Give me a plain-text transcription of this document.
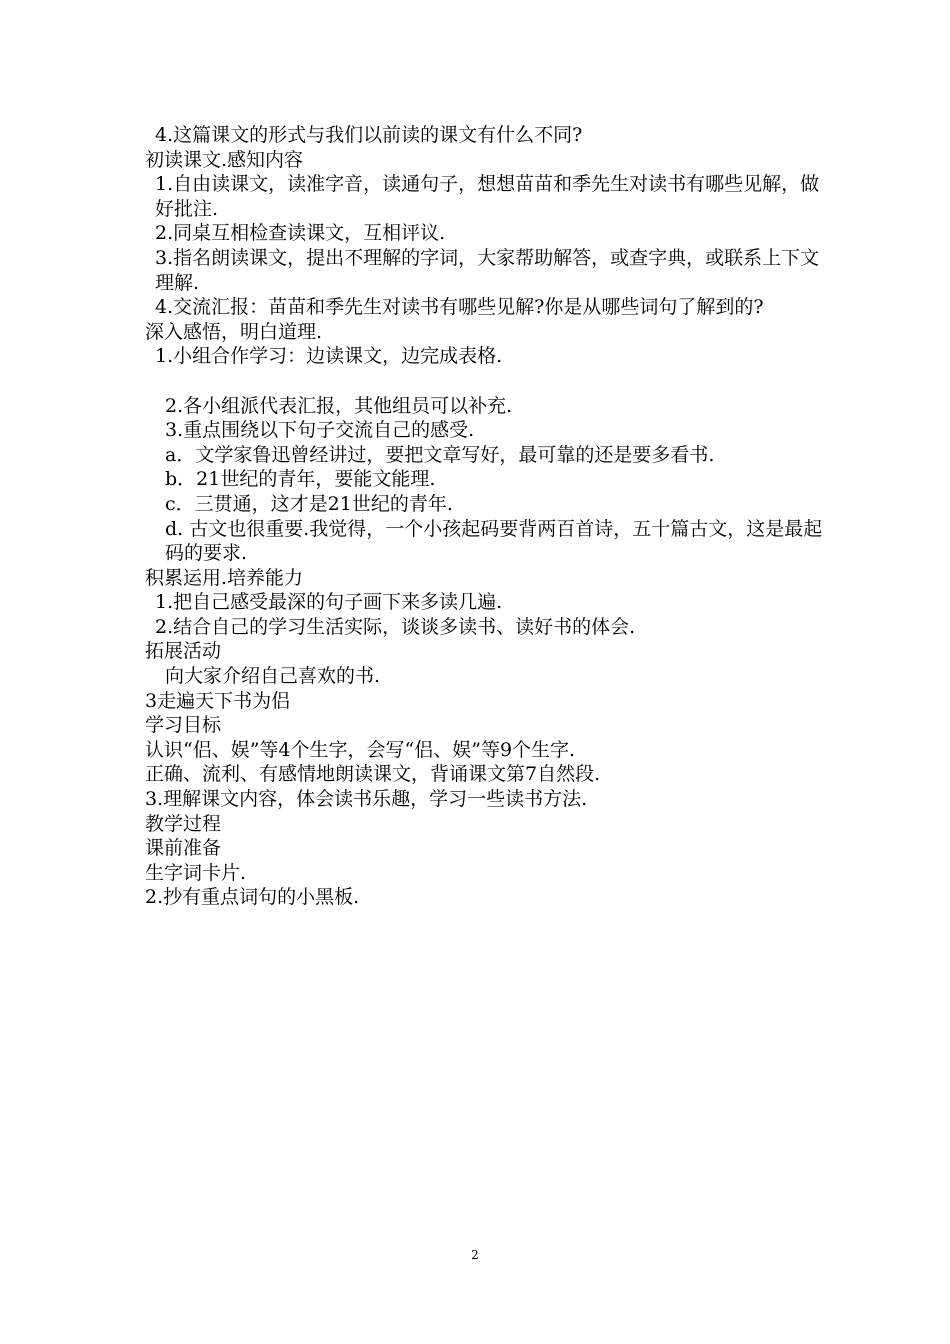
4.这篇课文的形式与我们以前读的课文有什么不同?
初读课文.感知内容
1.自由读课文，读准字音，读通句子，想想苗苗和季先生对读书有哪些见解，做好批注.
2.同桌互相检查读课文，互相评议.
3.指名朗读课文，提出不理解的字词，大家帮助解答，或查字典，或联系上下文理解.
4.交流汇报：苗苗和季先生对读书有哪些见解?你是从哪些词句了解到的?
深入感悟，明白道理.
1.小组合作学习：边读课文，边完成表格.
2.各小组派代表汇报，其他组员可以补充.
3.重点围绕以下句子交流自己的感受.
a．文学家鲁迅曾经讲过，要把文章写好，最可靠的还是要多看书.
b．21世纪的青年，要能文能理.
c．三贯通，这才是21世纪的青年.
d. 古文也很重要.我觉得，一个小孩起码要背两百首诗，五十篇古文，这是最起码的要求.
积累运用.培养能力
1.把自己感受最深的句子画下来多读几遍.
2.结合自己的学习生活实际，谈谈多读书、读好书的体会.
拓展活动
向大家介绍自己喜欢的书.
3走遍天下书为侣
学习目标
认识“侣、娱”等4个生字，会写“侣、娱”等9个生字.
正确、流利、有感情地朗读课文，背诵课文第7自然段.
3.理解课文内容，体会读书乐趣，学习一些读书方法.
教学过程
课前准备
生字词卡片.
2.抄有重点词句的小黑板.
2
